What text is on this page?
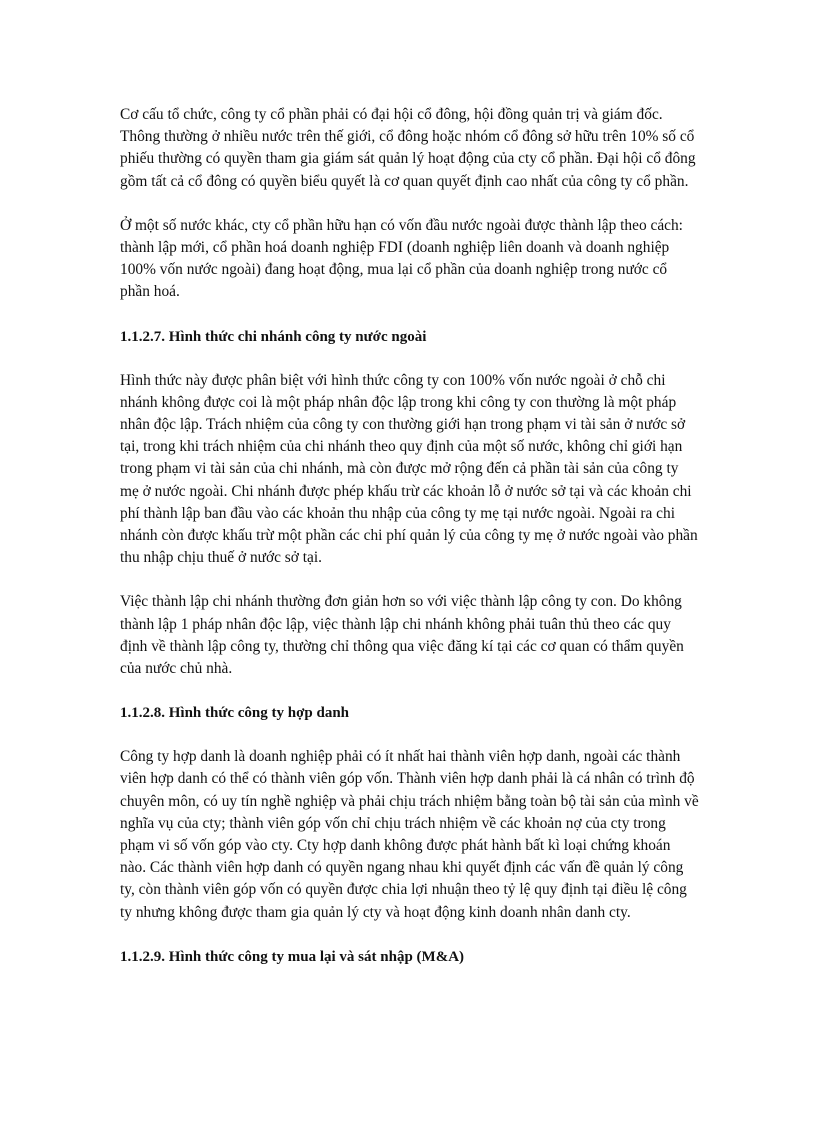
Cơ cấu tổ chức, công ty cổ phần phải có đại hội cổ đông, hội đồng quản trị và giám đốc. Thông thường ở nhiều nước trên thế giới, cổ đông hoặc nhóm cổ đông sở hữu trên 10% số cổ phiếu thường có quyền tham gia giám sát quản lý hoạt động của cty cổ phần. Đại hội cổ đông gồm tất cả cổ đông có quyền biểu quyết là cơ quan quyết định cao nhất của công ty cổ phần.

Ở một số nước khác, cty cổ phần hữu hạn có vốn đầu nước ngoài được thành lập theo cách: thành lập mới, cổ phần hoá doanh nghiệp FDI (doanh nghiệp liên doanh và doanh nghiệp 100% vốn nước ngoài) đang hoạt động, mua lại cổ phần của doanh nghiệp trong nước cổ phần hoá.

1.1.2.7. Hình thức chi nhánh công ty nước ngoài

Hình thức này được phân biệt với hình thức công ty con 100% vốn nước ngoài ở chỗ chi nhánh không được coi là một pháp nhân độc lập trong khi công ty con thường là một pháp nhân độc lập. Trách nhiệm của công ty con thường giới hạn trong phạm vi tài sản ở nước sở tại, trong khi trách nhiệm của chi nhánh theo quy định của một số nước, không chỉ giới hạn trong phạm vi tài sản của chi nhánh, mà còn được mở rộng đến cả phần tài sản của công ty mẹ ở nước ngoài. Chi nhánh được phép khấu trừ các khoản lỗ ở nước sở tại và các khoản chi phí thành lập ban đầu vào các khoản thu nhập của công ty mẹ tại nước ngoài. Ngoài ra chi nhánh còn được khấu trừ một phần các chi phí quản lý của công ty mẹ ở nước ngoài vào phần thu nhập chịu thuế ở nước sở tại.

Việc thành lập chi nhánh thường đơn giản hơn so với việc thành lập công ty con. Do không thành lập 1 pháp nhân độc lập, việc thành lập chi nhánh không phải tuân thủ theo các quy định về thành lập công ty, thường chỉ thông qua việc đăng kí tại các cơ quan có thẩm quyền của nước chủ nhà.

1.1.2.8. Hình thức công ty hợp danh

Công ty hợp danh là doanh nghiệp phải có ít nhất hai thành viên hợp danh, ngoài các thành viên hợp danh có thể có thành viên góp vốn. Thành viên hợp danh phải là cá nhân có trình độ chuyên môn, có uy tín nghề nghiệp và phải chịu trách nhiệm bằng toàn bộ tài sản của mình về nghĩa vụ của cty; thành viên góp vốn chỉ chịu trách nhiệm về các khoản nợ của cty trong phạm vi số vốn góp vào cty. Cty hợp danh không được phát hành bất kì loại chứng khoán nào. Các thành viên hợp danh có quyền ngang nhau khi quyết định các vấn đề quản lý công ty, còn thành viên góp vốn có quyền được chia lợi nhuận theo tỷ lệ quy định tại điều lệ công ty nhưng không được tham gia quản lý cty và hoạt động kinh doanh nhân danh cty.

1.1.2.9. Hình thức công ty mua lại và sát nhập (M&A)
